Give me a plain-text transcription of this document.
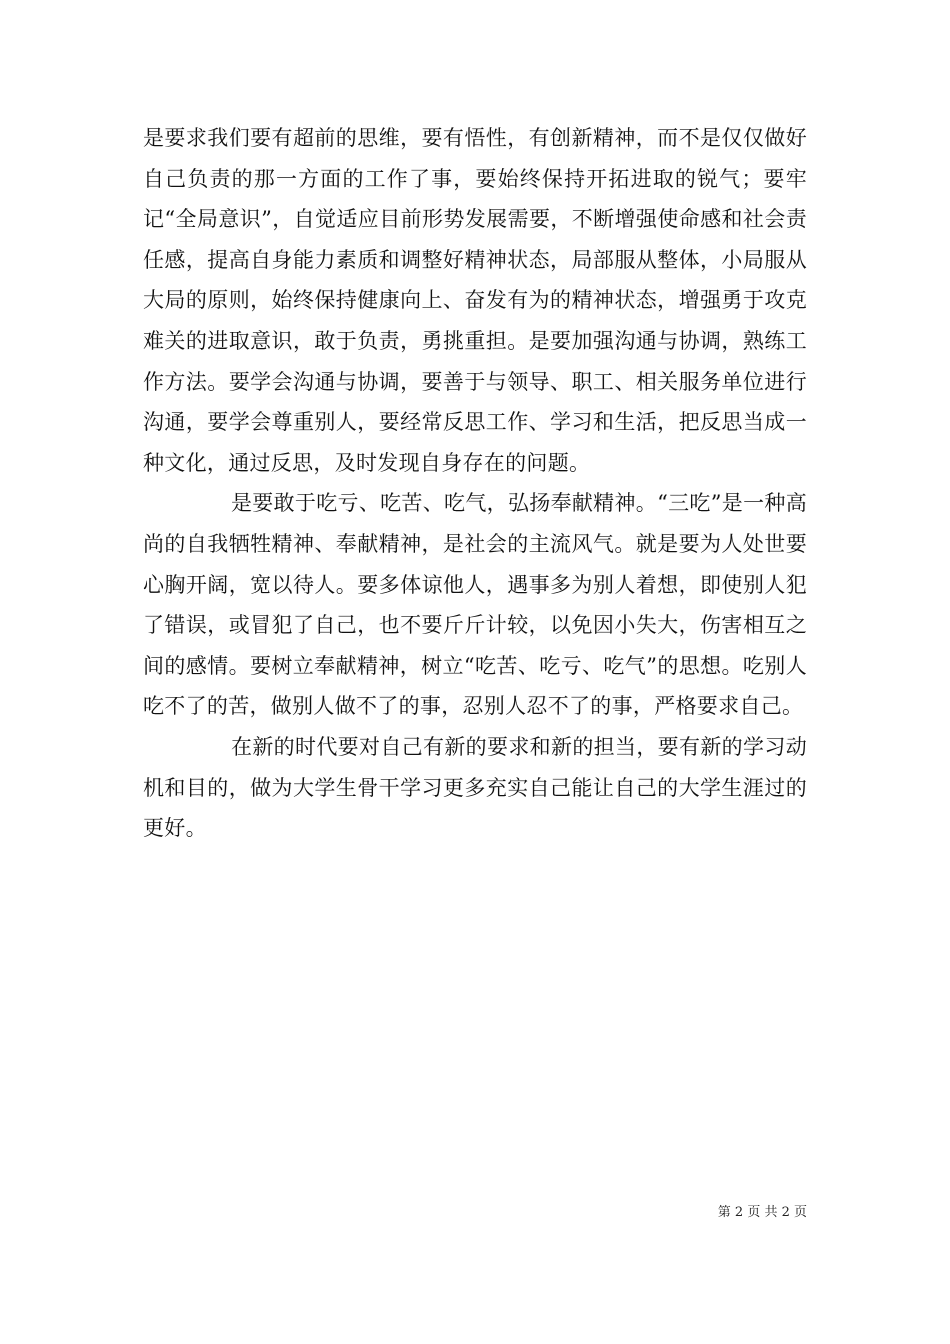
是要求我们要有超前的思维，要有悟性，有创新精神，而不是仅仅做好自己负责的那一方面的工作了事，要始终保持开拓进取的锐气；要牢记“全局意识”，自觉适应目前形势发展需要，不断增强使命感和社会责任感，提高自身能力素质和调整好精神状态，局部服从整体，小局服从大局的原则，始终保持健康向上、奋发有为的精神状态，增强勇于攻克难关的进取意识，敢于负责，勇挑重担。是要加强沟通与协调，熟练工作方法。要学会沟通与协调，要善于与领导、职工、相关服务单位进行沟通，要学会尊重别人，要经常反思工作、学习和生活，把反思当成一种文化，通过反思，及时发现自身存在的问题。

是要敢于吃亏、吃苦、吃气，弘扬奉献精神。“三吃”是一种高尚的自我牺牲精神、奉献精神，是社会的主流风气。就是要为人处世要心胸开阔，宽以待人。要多体谅他人，遇事多为别人着想，即使别人犯了错误，或冒犯了自己，也不要斤斤计较，以免因小失大，伤害相互之间的感情。要树立奉献精神，树立“吃苦、吃亏、吃气”的思想。吃别人吃不了的苦，做别人做不了的事，忍别人忍不了的事，严格要求自己。

在新的时代要对自己有新的要求和新的担当，要有新的学习动机和目的，做为大学生骨干学习更多充实自己能让自己的大学生涯过的更好。

第 2 页 共 2 页
